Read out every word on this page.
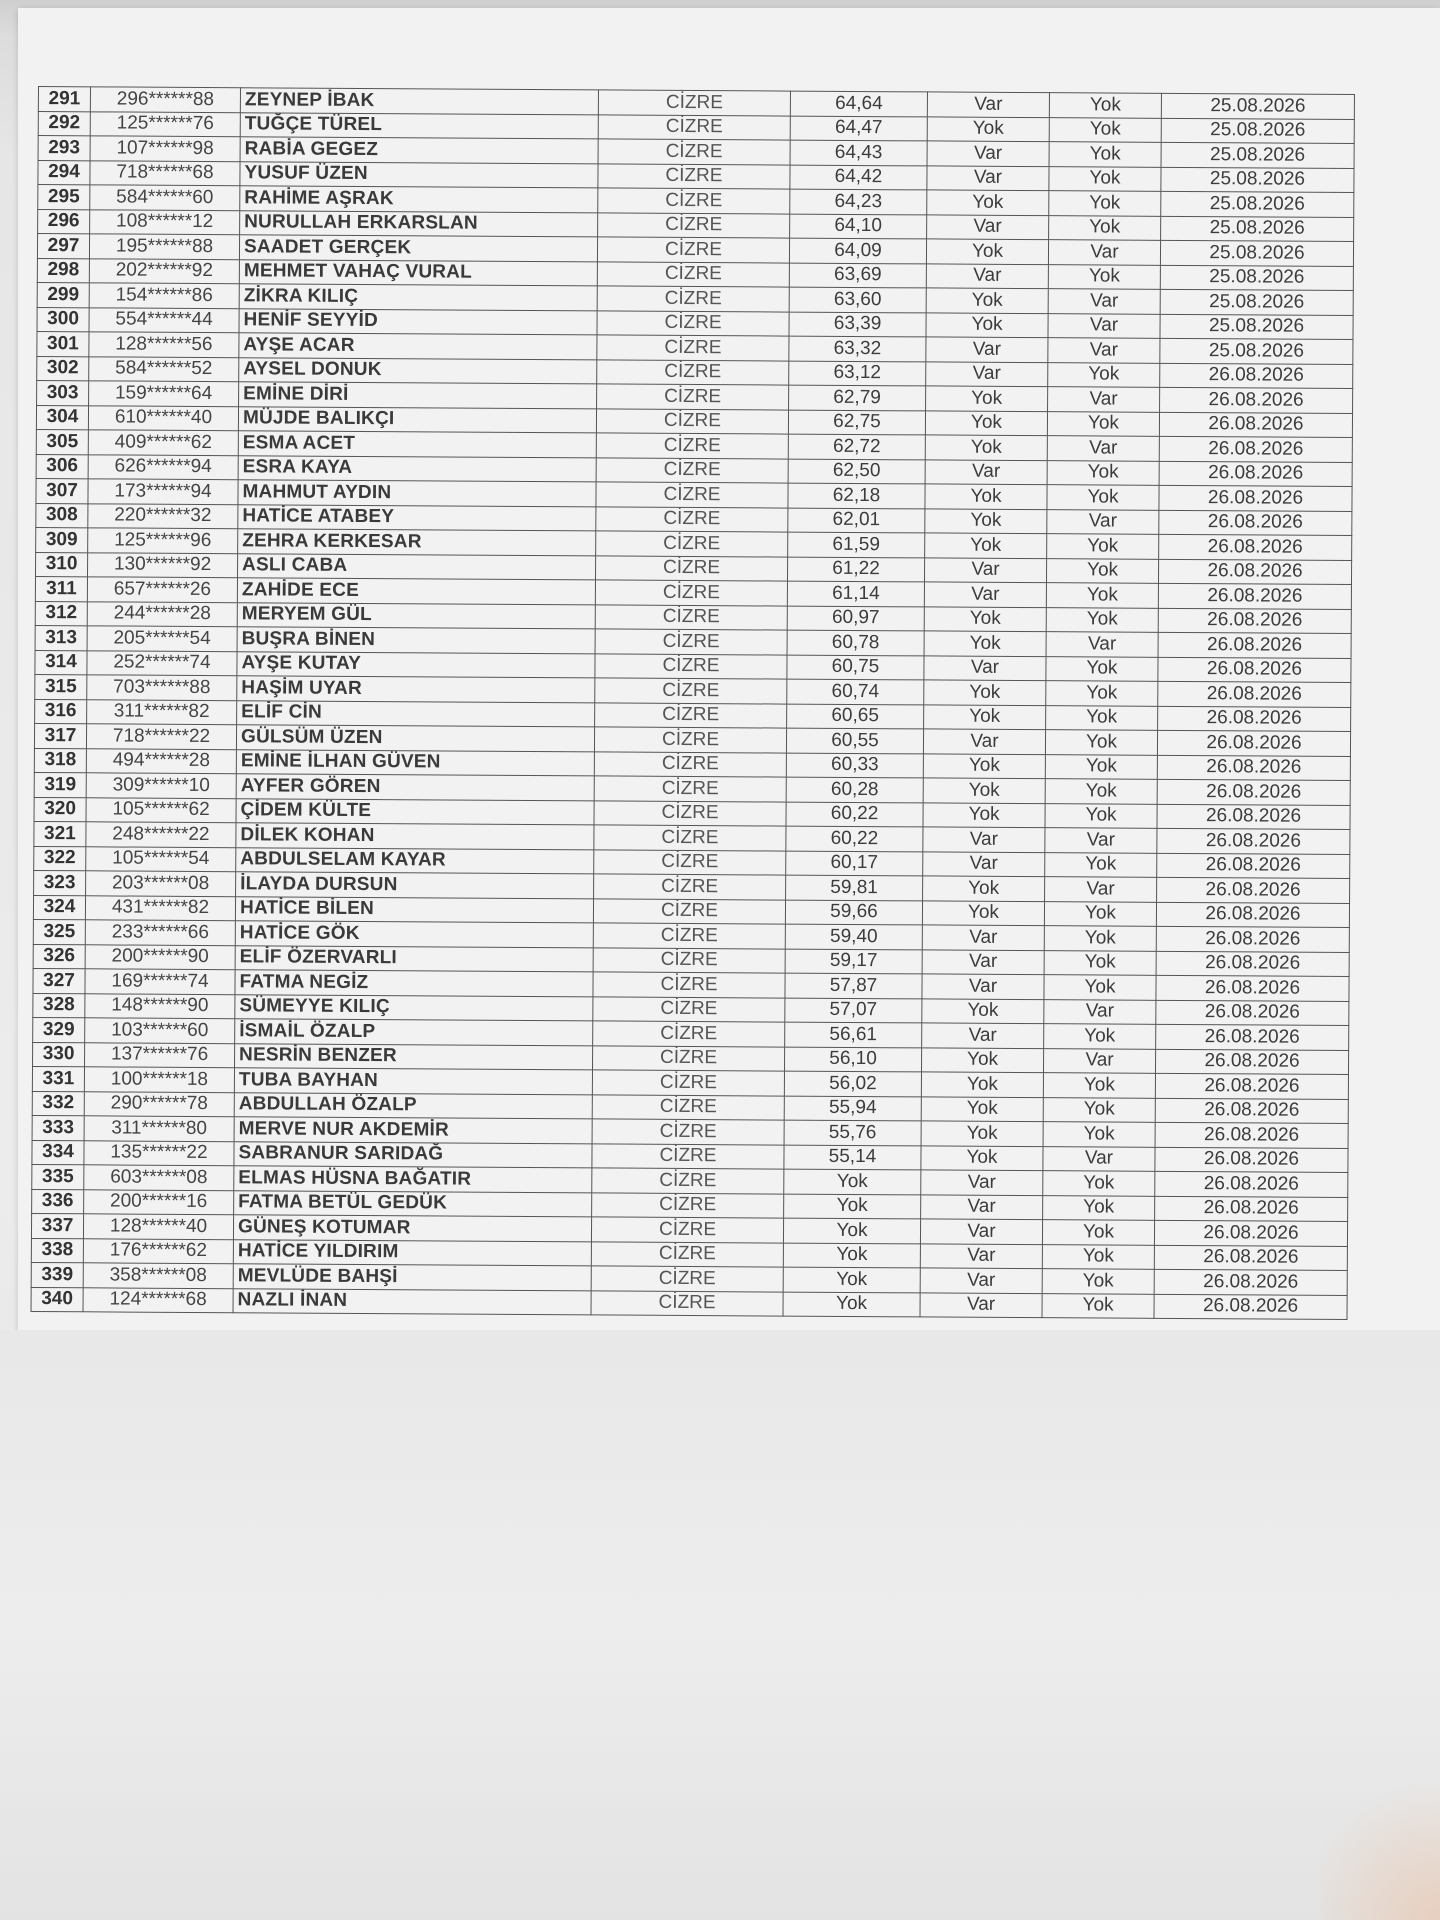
291	296******88	ZEYNEP İBAK	CİZRE	64,64	Var	Yok	25.08.2026
292	125******76	TUĞÇE TÜREL	CİZRE	64,47	Yok	Yok	25.08.2026
293	107******98	RABİA GEGEZ	CİZRE	64,43	Var	Yok	25.08.2026
294	718******68	YUSUF ÜZEN	CİZRE	64,42	Var	Yok	25.08.2026
295	584******60	RAHİME AŞRAK	CİZRE	64,23	Yok	Yok	25.08.2026
296	108******12	NURULLAH ERKARSLAN	CİZRE	64,10	Var	Yok	25.08.2026
297	195******88	SAADET GERÇEK	CİZRE	64,09	Yok	Var	25.08.2026
298	202******92	MEHMET VAHAÇ VURAL	CİZRE	63,69	Var	Yok	25.08.2026
299	154******86	ZİKRA KILIÇ	CİZRE	63,60	Yok	Var	25.08.2026
300	554******44	HENİF SEYYİD	CİZRE	63,39	Yok	Var	25.08.2026
301	128******56	AYŞE ACAR	CİZRE	63,32	Var	Var	25.08.2026
302	584******52	AYSEL DONUK	CİZRE	63,12	Var	Yok	26.08.2026
303	159******64	EMİNE DİRİ	CİZRE	62,79	Yok	Var	26.08.2026
304	610******40	MÜJDE BALIKÇI	CİZRE	62,75	Yok	Yok	26.08.2026
305	409******62	ESMA ACET	CİZRE	62,72	Yok	Var	26.08.2026
306	626******94	ESRA KAYA	CİZRE	62,50	Var	Yok	26.08.2026
307	173******94	MAHMUT AYDIN	CİZRE	62,18	Yok	Yok	26.08.2026
308	220******32	HATİCE ATABEY	CİZRE	62,01	Yok	Var	26.08.2026
309	125******96	ZEHRA KERKESAR	CİZRE	61,59	Yok	Yok	26.08.2026
310	130******92	ASLI CABA	CİZRE	61,22	Var	Yok	26.08.2026
311	657******26	ZAHİDE ECE	CİZRE	61,14	Var	Yok	26.08.2026
312	244******28	MERYEM GÜL	CİZRE	60,97	Yok	Yok	26.08.2026
313	205******54	BUŞRA BİNEN	CİZRE	60,78	Yok	Var	26.08.2026
314	252******74	AYŞE KUTAY	CİZRE	60,75	Var	Yok	26.08.2026
315	703******88	HAŞİM UYAR	CİZRE	60,74	Yok	Yok	26.08.2026
316	311******82	ELİF CİN	CİZRE	60,65	Yok	Yok	26.08.2026
317	718******22	GÜLSÜM ÜZEN	CİZRE	60,55	Var	Yok	26.08.2026
318	494******28	EMİNE İLHAN GÜVEN	CİZRE	60,33	Yok	Yok	26.08.2026
319	309******10	AYFER GÖREN	CİZRE	60,28	Yok	Yok	26.08.2026
320	105******62	ÇİDEM KÜLTE	CİZRE	60,22	Yok	Yok	26.08.2026
321	248******22	DİLEK KOHAN	CİZRE	60,22	Var	Var	26.08.2026
322	105******54	ABDULSELAM KAYAR	CİZRE	60,17	Var	Yok	26.08.2026
323	203******08	İLAYDA DURSUN	CİZRE	59,81	Yok	Var	26.08.2026
324	431******82	HATİCE BİLEN	CİZRE	59,66	Yok	Yok	26.08.2026
325	233******66	HATİCE GÖK	CİZRE	59,40	Var	Yok	26.08.2026
326	200******90	ELİF ÖZERVARLI	CİZRE	59,17	Var	Yok	26.08.2026
327	169******74	FATMA NEGİZ	CİZRE	57,87	Var	Yok	26.08.2026
328	148******90	SÜMEYYE KILIÇ	CİZRE	57,07	Yok	Var	26.08.2026
329	103******60	İSMAİL ÖZALP	CİZRE	56,61	Var	Yok	26.08.2026
330	137******76	NESRİN BENZER	CİZRE	56,10	Yok	Var	26.08.2026
331	100******18	TUBA BAYHAN	CİZRE	56,02	Yok	Yok	26.08.2026
332	290******78	ABDULLAH ÖZALP	CİZRE	55,94	Yok	Yok	26.08.2026
333	311******80	MERVE NUR AKDEMİR	CİZRE	55,76	Yok	Yok	26.08.2026
334	135******22	SABRANUR SARIDAĞ	CİZRE	55,14	Yok	Var	26.08.2026
335	603******08	ELMAS HÜSNA BAĞATIR	CİZRE	Yok	Var	Yok	26.08.2026
336	200******16	FATMA BETÜL GEDÜK	CİZRE	Yok	Var	Yok	26.08.2026
337	128******40	GÜNEŞ KOTUMAR	CİZRE	Yok	Var	Yok	26.08.2026
338	176******62	HATİCE YILDIRIM	CİZRE	Yok	Var	Yok	26.08.2026
339	358******08	MEVLÜDE BAHŞİ	CİZRE	Yok	Var	Yok	26.08.2026
340	124******68	NAZLI İNAN	CİZRE	Yok	Var	Yok	26.08.2026
